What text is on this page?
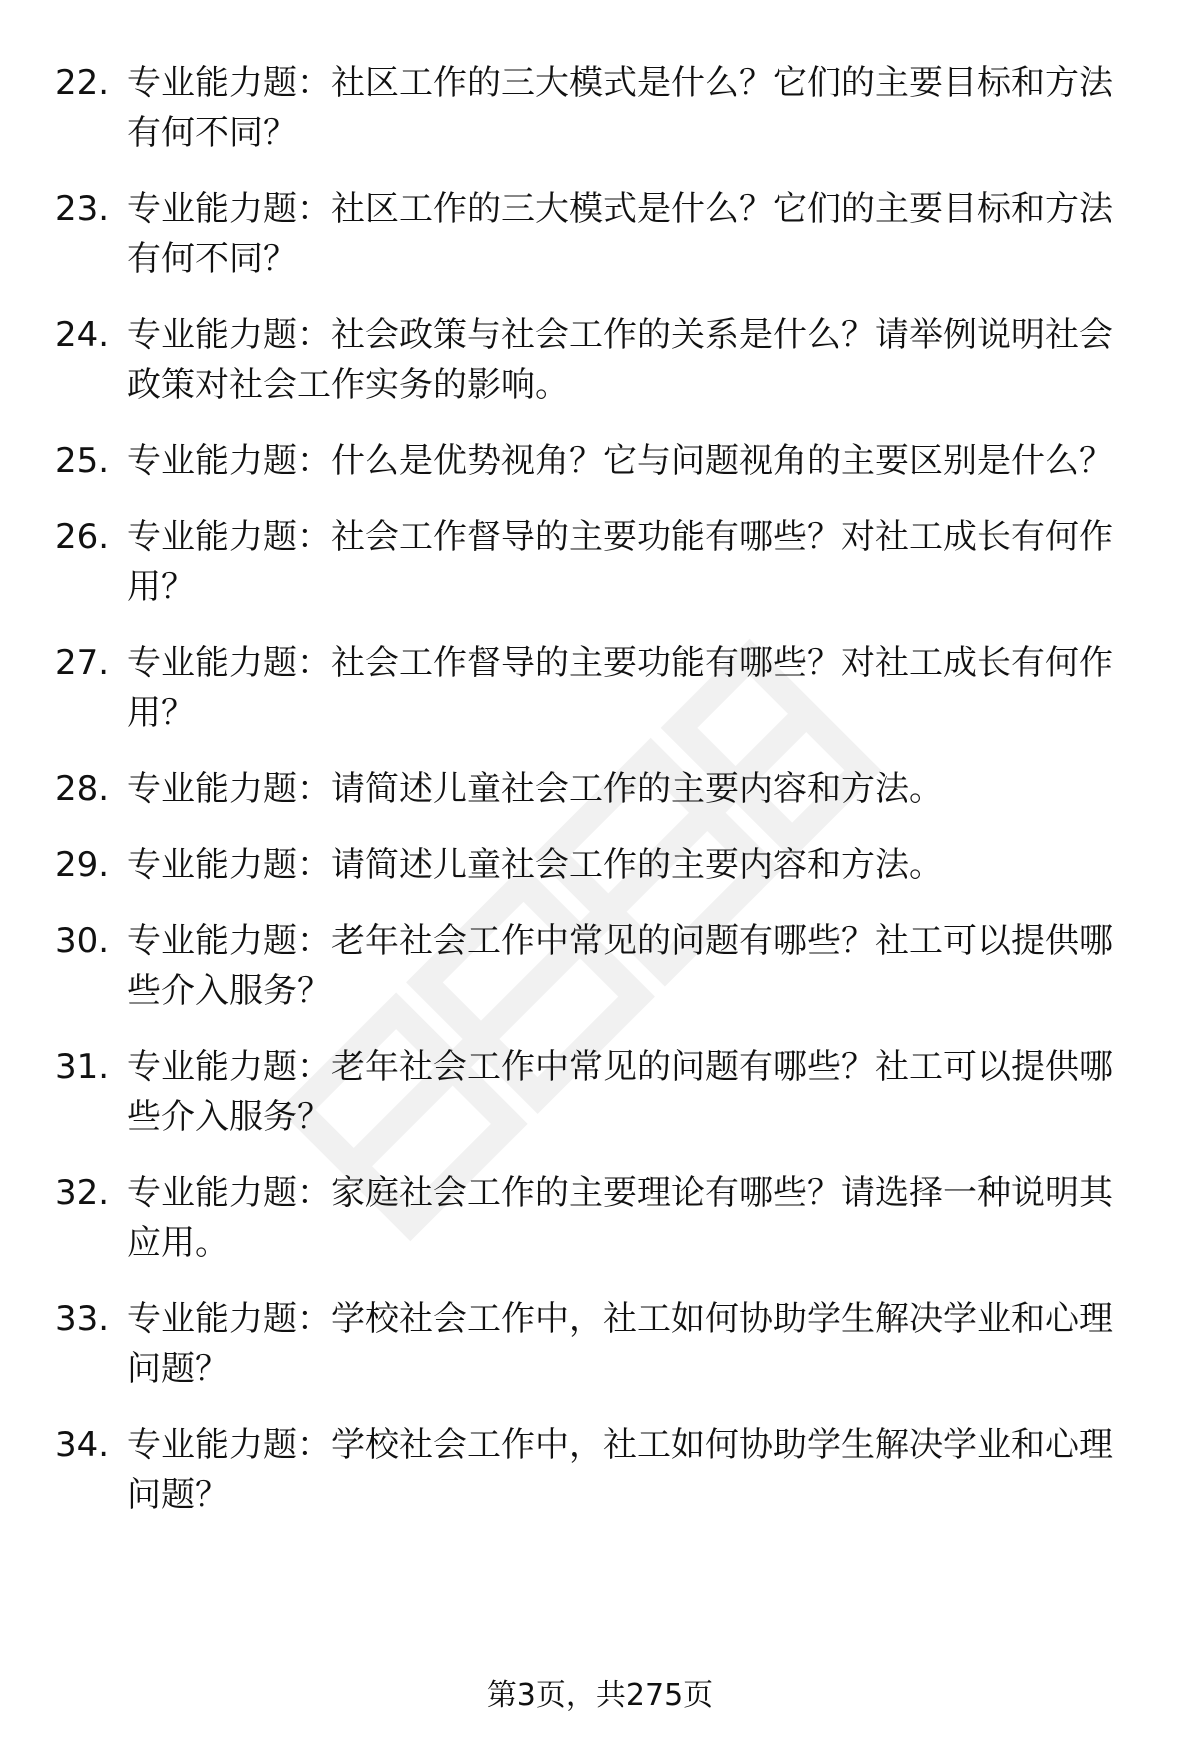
22. 专业能力题：社区工作的三大模式是什么？它们的主要目标和方法有何不同？
23. 专业能力题：社区工作的三大模式是什么？它们的主要目标和方法有何不同？
24. 专业能力题：社会政策与社会工作的关系是什么？请举例说明社会政策对社会工作实务的影响。
25. 专业能力题：什么是优势视角？它与问题视角的主要区别是什么？
26. 专业能力题：社会工作督导的主要功能有哪些？对社工成长有何作用？
27. 专业能力题：社会工作督导的主要功能有哪些？对社工成长有何作用？
28. 专业能力题：请简述儿童社会工作的主要内容和方法。
29. 专业能力题：请简述儿童社会工作的主要内容和方法。
30. 专业能力题：老年社会工作中常见的问题有哪些？社工可以提供哪些介入服务？
31. 专业能力题：老年社会工作中常见的问题有哪些？社工可以提供哪些介入服务？
32. 专业能力题：家庭社会工作的主要理论有哪些？请选择一种说明其应用。
33. 专业能力题：学校社会工作中，社工如何协助学生解决学业和心理问题？
34. 专业能力题：学校社会工作中，社工如何协助学生解决学业和心理问题？
第3页，共275页
